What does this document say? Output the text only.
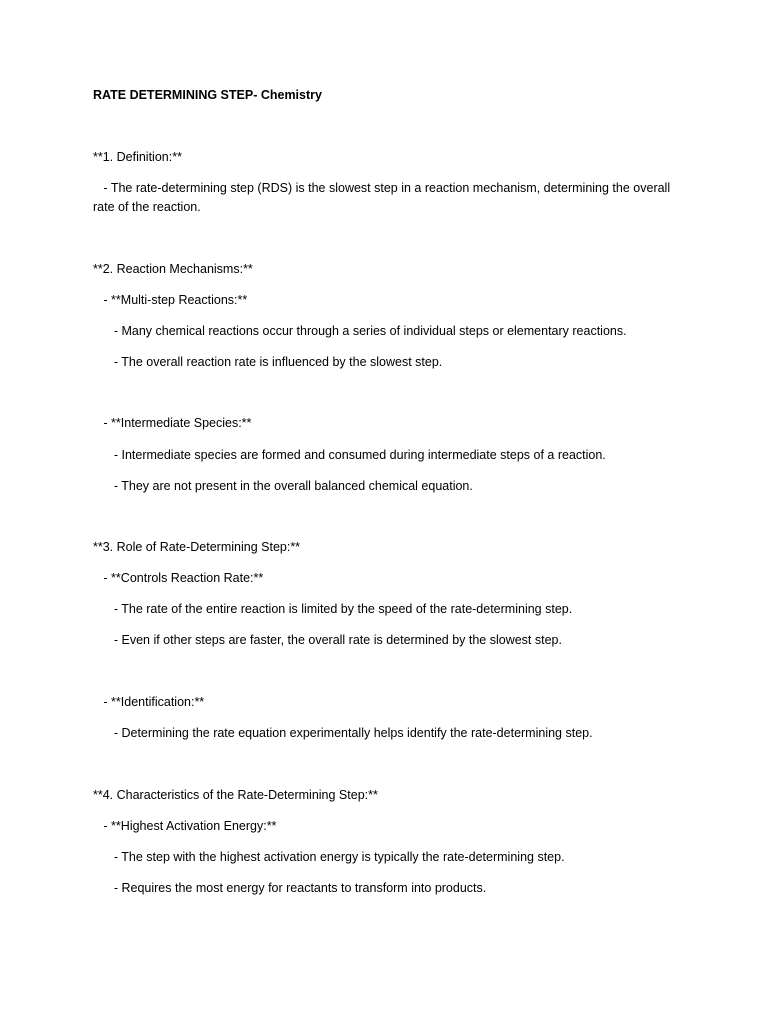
RATE DETERMINING STEP- Chemistry

**1. Definition:**

- The rate-determining step (RDS) is the slowest step in a reaction mechanism, determining the overall rate of the reaction.

**2. Reaction Mechanisms:**

- **Multi-step Reactions:**

- Many chemical reactions occur through a series of individual steps or elementary reactions.

- The overall reaction rate is influenced by the slowest step.

- **Intermediate Species:**

- Intermediate species are formed and consumed during intermediate steps of a reaction.

- They are not present in the overall balanced chemical equation.

**3. Role of Rate-Determining Step:**

- **Controls Reaction Rate:**

- The rate of the entire reaction is limited by the speed of the rate-determining step.

- Even if other steps are faster, the overall rate is determined by the slowest step.

- **Identification:**

- Determining the rate equation experimentally helps identify the rate-determining step.

**4. Characteristics of the Rate-Determining Step:**

- **Highest Activation Energy:**

- The step with the highest activation energy is typically the rate-determining step.

- Requires the most energy for reactants to transform into products.
